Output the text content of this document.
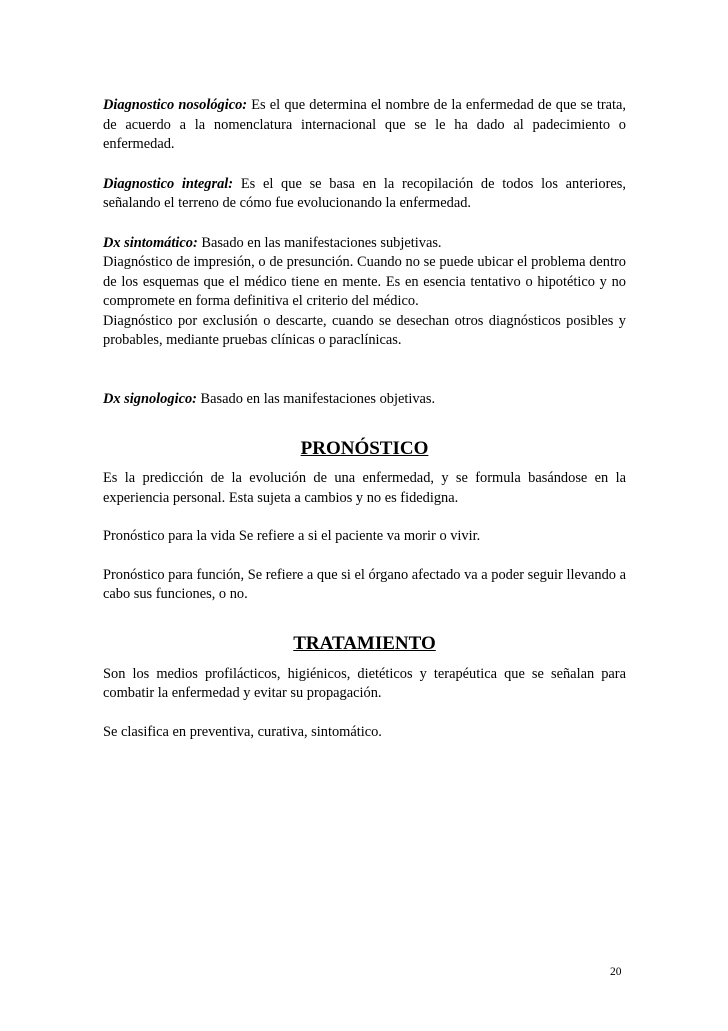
Diagnostico nosológico: Es el que determina el nombre de la enfermedad de que se trata, de acuerdo a la nomenclatura internacional que se le ha dado al padecimiento o enfermedad.

Diagnostico integral: Es el que se basa en la recopilación de todos los anteriores, señalando el terreno de cómo fue evolucionando la enfermedad.

Dx sintomático: Basado en las manifestaciones subjetivas.

Diagnóstico de impresión, o de presunción. Cuando no se puede ubicar el problema dentro de los esquemas que el médico tiene en mente. Es en esencia tentativo o hipotético y no compromete en forma definitiva el criterio del médico.

Diagnóstico por exclusión o descarte, cuando se desechan otros diagnósticos posibles y probables, mediante pruebas clínicas o paraclínicas.

Dx signologico: Basado en las manifestaciones objetivas.

PRONÓSTICO

Es la predicción de la evolución de una enfermedad, y se formula basándose en la experiencia personal. Esta sujeta a cambios y no es fidedigna.

Pronóstico para la vida Se refiere a si el paciente va morir o vivir.

Pronóstico para función, Se refiere a que si el órgano afectado va a poder seguir llevando a cabo sus funciones, o no.

TRATAMIENTO

Son los medios profilácticos, higiénicos, dietéticos y terapéutica que se señalan para combatir la enfermedad y evitar su propagación.

Se clasifica en preventiva, curativa, sintomático.

20
